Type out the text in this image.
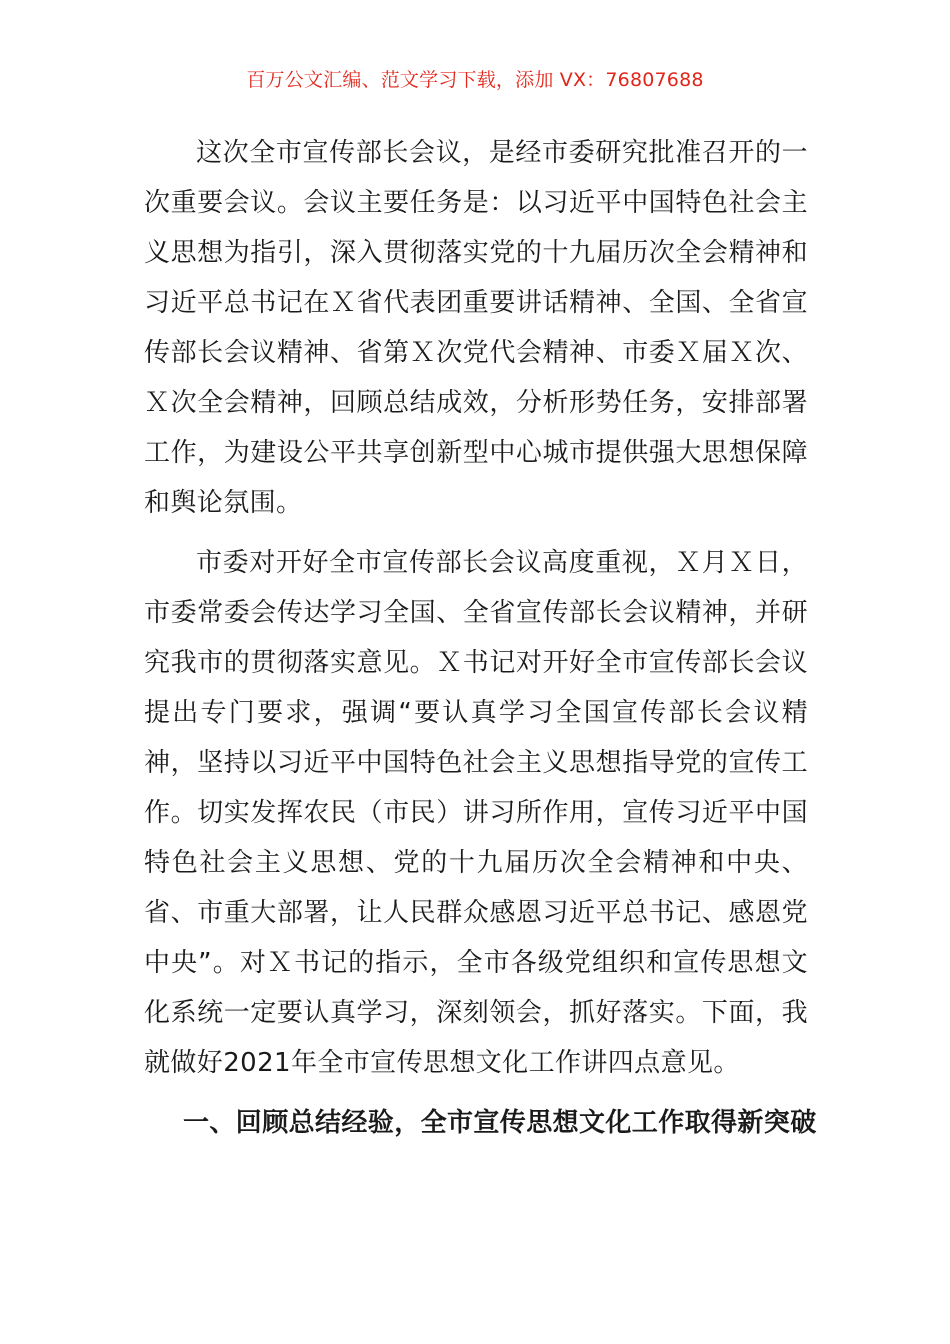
百万公文汇编、范文学习下载，添加 VX：76807688

这次全市宣传部长会议，是经市委研究批准召开的一次重要会议。会议主要任务是：以习近平中国特色社会主义思想为指引，深入贯彻落实党的十九届历次全会精神和习近平总书记在Ｘ省代表团重要讲话精神、全国、全省宣传部长会议精神、省第Ｘ次党代会精神、市委Ｘ届Ｘ次、Ｘ次全会精神，回顾总结成效，分析形势任务，安排部署工作，为建设公平共享创新型中心城市提供强大思想保障和舆论氛围。

市委对开好全市宣传部长会议高度重视，Ｘ月Ｘ日，市委常委会传达学习全国、全省宣传部长会议精神，并研究我市的贯彻落实意见。Ｘ书记对开好全市宣传部长会议提出专门要求，强调“要认真学习全国宣传部长会议精神，坚持以习近平中国特色社会主义思想指导党的宣传工作。切实发挥农民（市民）讲习所作用，宣传习近平中国特色社会主义思想、党的十九届历次全会精神和中央、省、市重大部署，让人民群众感恩习近平总书记、感恩党中央”。对Ｘ书记的指示，全市各级党组织和宣传思想文化系统一定要认真学习，深刻领会，抓好落实。下面，我就做好2021年全市宣传思想文化工作讲四点意见。

一、回顾总结经验，全市宣传思想文化工作取得新突破
